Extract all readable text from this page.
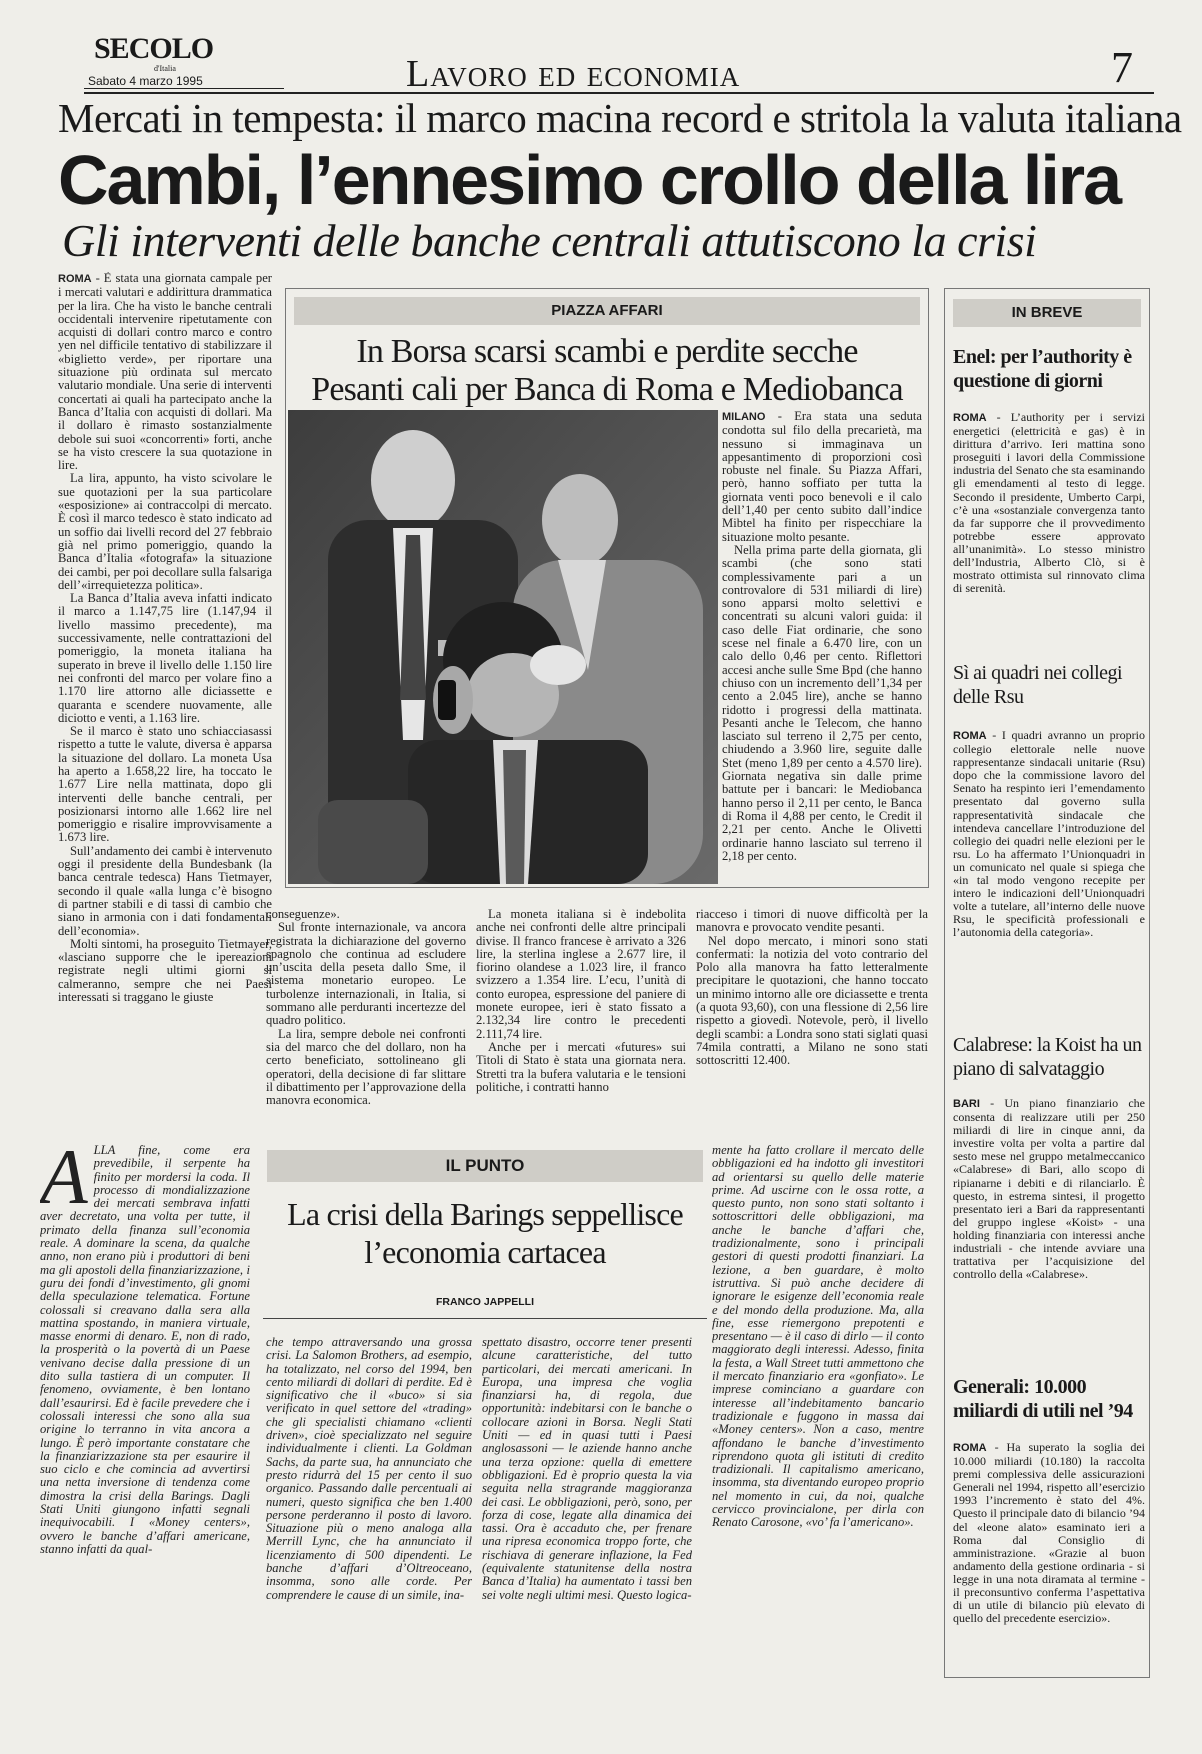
SECOLO
d'Italia
Sabato 4 marzo 1995	Lavoro ed economia	7
Mercati in tempesta: il marco macina record e stritola la valuta italiana
Cambi, l’ennesimo crollo della lira
Gli interventi delle banche centrali attutiscono la crisi

ROMA - È stata una giornata campale per i mercati valutari e addirittura drammatica per la lira. Che ha visto le banche centrali occidentali intervenire ripetutamente con acquisti di dollari contro marco e contro yen nel difficile tentativo di stabilizzare il «biglietto verde», per riportare una situazione più ordinata sul mercato valutario mondiale. Una serie di interventi concertati ai quali ha partecipato anche la Banca d’Italia con acquisti di dollari. Ma il dollaro è rimasto sostanzialmente debole sui suoi «concorrenti» forti, anche se ha visto crescere la sua quotazione in lire.

La lira, appunto, ha visto scivolare le sue quotazioni per la sua particolare «esposizione» ai contraccolpi di mercato. È così il marco tedesco è stato indicato ad un soffio dai livelli record del 27 febbraio già nel primo pomeriggio, quando la Banca d’Italia «fotografa» la situazione dei cambi, per poi decollare sulla falsariga dell’«irrequietezza politica».

La Banca d’Italia aveva infatti indicato il marco a 1.147,75 lire (1.147,94 il livello massimo precedente), ma successivamente, nelle contrattazioni del pomeriggio, la moneta italiana ha superato in breve il livello delle 1.150 lire nei confronti del marco per volare fino a 1.170 lire attorno alle diciassette e quaranta e scendere nuovamente, alle diciotto e venti, a 1.163 lire.

Se il marco è stato uno schiacciasassi rispetto a tutte le valute, diversa è apparsa la situazione del dollaro. La moneta Usa ha aperto a 1.658,22 lire, ha toccato le 1.677 Lire nella mattinata, dopo gli interventi delle banche centrali, per posizionarsi intorno alle 1.662 lire nel pomeriggio e risalire improvvisamente a 1.673 lire.

Sull’andamento dei cambi è intervenuto oggi il presidente della Bundesbank (la banca centrale tedesca) Hans Tietmayer, secondo il quale «alla lunga c’è bisogno di partner stabili e di tassi di cambio che siano in armonia con i dati fondamentali dell’economia».

Molti sintomi, ha proseguito Tietmayer, «lasciano supporre che le ipereazioni registrate negli ultimi giorni si calmeranno, sempre che nei Paesi interessati si traggano le giuste

PIAZZA AFFARI
In Borsa scarsi scambi e perdite secche
Pesanti cali per Banca di Roma e Mediobanca

MILANO - Era stata una seduta condotta sul filo della precarietà, ma nessuno si immaginava un appesantimento di proporzioni così robuste nel finale. Su Piazza Affari, però, hanno soffiato per tutta la giornata venti poco benevoli e il calo dell’1,40 per cento subito dall’indice Mibtel ha finito per rispecchiare la situazione molto pesante.

Nella prima parte della giornata, gli scambi (che sono stati complessivamente pari a un controvalore di 531 miliardi di lire) sono apparsi molto selettivi e concentrati su alcuni valori guida: il caso delle Fiat ordinarie, che sono scese nel finale a 6.470 lire, con un calo dello 0,46 per cento. Riflettori accesi anche sulle Sme Bpd (che hanno chiuso con un incremento dell’1,34 per cento a 2.045 lire), anche se hanno ridotto i progressi della mattinata. Pesanti anche le Telecom, che hanno lasciato sul terreno il 2,75 per cento, chiudendo a 3.960 lire, seguite dalle Stet (meno 1,89 per cento a 4.570 lire). Giornata negativa sin dalle prime battute per i bancari: le Mediobanca hanno perso il 2,11 per cento, le Banca di Roma il 4,88 per cento, le Credit il 2,21 per cento. Anche le Olivetti ordinarie hanno lasciato sul terreno il 2,18 per cento.

conseguenze».

Sul fronte internazionale, va ancora registrata la dichiarazione del governo spagnolo che continua ad escludere un’uscita della peseta dallo Sme, il sistema monetario europeo. Le turbolenze internazionali, in Italia, si sommano alle perduranti incertezze del quadro politico.

La lira, sempre debole nei confronti sia del marco che del dollaro, non ha certo beneficiato, sottolineano gli operatori, della decisione di far slittare il dibattimento per l’approvazione della manovra economica.

La moneta italiana si è indebolita anche nei confronti delle altre principali divise. Il franco francese è arrivato a 326 lire, la sterlina inglese a 2.677 lire, il fiorino olandese a 1.023 lire, il franco svizzero a 1.354 lire. L’ecu, l’unità di conto europea, espressione del paniere di monete europee, ieri è stato fissato a 2.132,34 lire contro le precedenti 2.111,74 lire.

Anche per i mercati «futures» sui Titoli di Stato è stata una giornata nera. Stretti tra la bufera valutaria e le tensioni politiche, i contratti hanno

riacceso i timori di nuove difficoltà per la manovra e provocato vendite pesanti.

Nel dopo mercato, i minori sono stati confermati: la notizia del voto contrario del Polo alla manovra ha fatto letteralmente precipitare le quotazioni, che hanno toccato un minimo intorno alle ore diciassette e trenta (a quota 93,60), con una flessione di 2,56 lire rispetto a giovedì. Notevole, però, il livello degli scambi: a Londra sono stati siglati quasi 74mila contratti, a Milano ne sono stati sottoscritti 12.400.

IN BREVE
Enel: per l’authority è questione di giorni
ROMA - L’authority per i servizi energetici (elettricità e gas) è in dirittura d’arrivo. Ieri mattina sono proseguiti i lavori della Commissione industria del Senato che sta esaminando gli emendamenti al testo di legge. Secondo il presidente, Umberto Carpi, c’è una «sostanziale convergenza tanto da far supporre che il provvedimento potrebbe essere approvato all’unanimità». Lo stesso ministro dell’Industria, Alberto Clò, si è mostrato ottimista sul rinnovato clima di serenità.
Sì ai quadri nei collegi delle Rsu
ROMA - I quadri avranno un proprio collegio elettorale nelle nuove rappresentanze sindacali unitarie (Rsu) dopo che la commissione lavoro del Senato ha respinto ieri l’emendamento presentato dal governo sulla rappresentatività sindacale che intendeva cancellare l’introduzione del collegio dei quadri nelle elezioni per le rsu. Lo ha affermato l’Unionquadri in un comunicato nel quale si spiega che «in tal modo vengono recepite per intero le indicazioni dell’Unionquadri volte a tutelare, all’interno delle nuove Rsu, le specificità professionali e l’autonomia della categoria».
Calabrese: la Koist ha un piano di salvataggio
BARI - Un piano finanziario che consenta di realizzare utili per 250 miliardi di lire in cinque anni, da investire volta per volta a partire dal sesto mese nel gruppo metalmeccanico «Calabrese» di Bari, allo scopo di ripianarne i debiti e di rilanciarlo. È questo, in estrema sintesi, il progetto presentato ieri a Bari da rappresentanti del gruppo inglese «Koist» - una holding finanziaria con interessi anche industriali - che intende avviare una trattativa per l’acquisizione del controllo della «Calabrese».
Generali: 10.000 miliardi di utili nel ’94
ROMA - Ha superato la soglia dei 10.000 miliardi (10.180) la raccolta premi complessiva delle assicurazioni Generali nel 1994, rispetto all’esercizio 1993 l’incremento è stato del 4%. Questo il principale dato di bilancio ’94 del «leone alato» esaminato ieri a Roma dal Consiglio di amministrazione. «Grazie al buon andamento della gestione ordinaria - si legge in una nota diramata al termine - il preconsuntivo conferma l’aspettativa di un utile di bilancio più elevato di quello del precedente esercizio».
IL PUNTO
La crisi della Barings seppellisce l’economia cartacea
FRANCO JAPPELLI
ALLA fine, come era prevedibile, il serpente ha finito per mordersi la coda. Il processo di mondializzazione dei mercati sembrava infatti aver decretato, una volta per tutte, il primato della finanza sull’economia reale. A dominare la scena, da qualche anno, non erano più i produttori di beni ma gli apostoli della finanziarizzazione, i guru dei fondi d’investimento, gli gnomi della speculazione telematica. Fortune colossali si creavano dalla sera alla mattina spostando, in maniera virtuale, masse enormi di denaro. E, non di rado, la prosperità o la povertà di un Paese venivano decise dalla pressione di un dito sulla tastiera di un computer. Il fenomeno, ovviamente, è ben lontano dall’esaurirsi. Ed è facile prevedere che i colossali interessi che sono alla sua origine lo terranno in vita ancora a lungo. È però importante constatare che la finanziarizzazione sta per esaurire il suo ciclo e che comincia ad avvertirsi una netta inversione di tendenza come dimostra la crisi della Barings. Dagli Stati Uniti giungono infatti segnali inequivocabili. I «Money centers», ovvero le banche d’affari americane, stanno infatti da qual-
che tempo attraversando una grossa crisi. La Salomon Brothers, ad esempio, ha totalizzato, nel corso del 1994, ben cento miliardi di dollari di perdite. Ed è significativo che il «buco» si sia verificato in quel settore del «trading» che gli specialisti chiamano «clienti driven», cioè specializzato nel seguire individualmente i clienti. La Goldman Sachs, da parte sua, ha annunciato che presto ridurrà del 15 per cento il suo organico. Passando dalle percentuali ai numeri, questo significa che ben 1.400 persone perderanno il posto di lavoro. Situazione più o meno analoga alla Merrill Lync, che ha annunciato il licenziamento di 500 dipendenti. Le banche d’affari d’Oltreoceano, insomma, sono alle corde. Per comprendere le cause di un simile, ina-
spettato disastro, occorre tener presenti alcune caratteristiche, del tutto particolari, dei mercati americani. In Europa, una impresa che voglia finanziarsi ha, di regola, due opportunità: indebitarsi con le banche o collocare azioni in Borsa. Negli Stati Uniti — ed in quasi tutti i Paesi anglosassoni — le aziende hanno anche una terza opzione: quella di emettere obbligazioni. Ed è proprio questa la via seguita nella stragrande maggioranza dei casi. Le obbligazioni, però, sono, per forza di cose, legate alla dinamica dei tassi. Ora è accaduto che, per frenare una ripresa economica troppo forte, che rischiava di generare inflazione, la Fed (equivalente statunitense della nostra Banca d’Italia) ha aumentato i tassi ben sei volte negli ultimi mesi. Questo logica-
mente ha fatto crollare il mercato delle obbligazioni ed ha indotto gli investitori ad orientarsi su quello delle materie prime. Ad uscirne con le ossa rotte, a questo punto, non sono stati soltanto i sottoscrittori delle obbligazioni, ma anche le banche d’affari che, tradizionalmente, sono i principali gestori di questi prodotti finanziari. La lezione, a ben guardare, è molto istruttiva. Si può anche decidere di ignorare le esigenze dell’economia reale e del mondo della produzione. Ma, alla fine, esse riemergono prepotenti e presentano — è il caso di dirlo — il conto maggiorato degli interessi. Adesso, finita la festa, a Wall Street tutti ammettono che il mercato finanziario era «gonfiato». Le imprese cominciano a guardare con interesse all’indebitamento bancario tradizionale e fuggono in massa dai «Money centers». Non a caso, mentre affondano le banche d’investimento riprendono quota gli istituti di credito tradizionali. Il capitalismo americano, insomma, sta diventando europeo proprio nel momento in cui, da noi, qualche cervicco provincialone, per dirla con Renato Carosone, «vo’ fa l’americano».
